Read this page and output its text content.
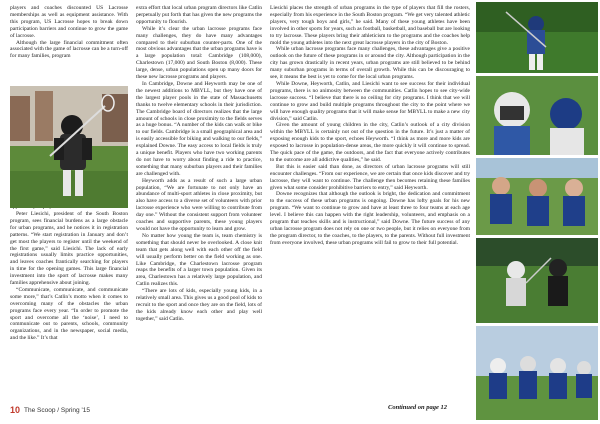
players and coaches discounted US Lacrosse memberships as well as equipment assistance. With this program, US Lacrosse hopes to break down participation barriers and continue to grow the game of lacrosse.

Although the large financial commitment often associated with the game of lacrosse can be a turn-off for many families, program

Peter Liesichi, president of the South Boston program, sees financial burdens as a large obstacle for urban programs, and he notices it in registration patterns. “We start registration in January and don’t get most the players to register until the weekend of the first game,” said Liesichi. The lack of early registrations usually limits practice opportunities, and leaves coaches frantically searching for players in time for the opening games. This large financial investment into the sport of lacrosse makes many families apprehensive about joining.

“Communicate, communicate, and communicate some more,” that’s Catlin’s motto when it comes to overcoming many of the obstacles the urban programs face every year. “In order to promote the sport and overcome all the ‘noise’, I need to communicate out to parents, schools, community organizations, and in the newspaper, social media, and the like.” It’s that

extra effort that local urban program directors like Catlin perpetually put forth that has given the new programs the opportunity to flourish.

While it’s clear the urban lacrosse programs face many challenges, they do have many advantages compared to their suburban counter-parts. One of the most obvious advantages that the urban programs have is a large population total: Cambridge (108,000), Charlestown (17,000) and South Boston (8,000). These large, dense, urban populations open up many doors for these new lacrosse programs and players.

In Cambridge, Downe and Heyworth may be one of the newest additions to MBYLL, but they have one of the largest player pools in the state of Massachusetts thanks to twelve elementary schools in their jurisdiction. The Cambridge board of directors realizes that the large amount of schools in close proximity to the fields serves as a huge bonus. “A number of the kids can walk or bike to our fields. Cambridge is a small geographical area and is easily accessible for biking and walking to our fields,” explained Downe. The easy access to local fields is truly a unique benefit. Players who have two working parents do not have to worry about finding a ride to practice, something that many suburban players and their families are challenged with.

Heyworth adds as a result of such a large urban population, “We are fortunate to not only have an abundance of multi-sport athletes in close proximity, but also have access to a diverse set of volunteers with prior lacrosse experience who were willing to contribute from day one.” Without the consistent support from volunteer coaches and supportive parents, these young players would not have the opportunity to learn and grow.

No matter how young the team is, team chemistry is something that should never be overlooked. A close knit team that gets along well with each other off the field will usually perform better on the field working as one. Like Cambridge, the Charlestown lacrosse program reaps the benefits of a larger town population. Given its area, Charlestown has a relatively large population, and Catlin realizes this.

“There are lots of kids, especially young kids, in a relatively small area. This gives us a good pool of kids to recruit to the sport and once they are on the field, lots of the kids already know each other and play well together,” said Catlin.

Liesichi places the strength of urban programs in the type of players that fill the rosters, especially from his experience in the South Boston program. “We get very talented athletic players, very tough boys and girls,” he said. Many of these young athletes have been involved in other sports for years, such as football, basketball, and baseball but are looking to try lacrosse. These players bring their athleticism to the programs and the coaches help mold the young athletes into the next great lacrosse players in the city of Boston.

While urban lacrosse programs face many challenges, these advantages give a positive outlook on the future of these programs in or around the city. Although participation in the city has grown drastically in recent years, urban programs are still believed to be behind many suburban programs in terms of overall growth. While this can be discouraging to see, it means the best is yet to come for the local urban programs.

While Downe, Heyworth, Catlin, and Liesichi want to see success for their individual programs, there is no animosity between the communities. Catlin hopes to see city-wide lacrosse success. “I believe that there is no ceiling for city programs. I think that we will continue to grow and build multiple programs throughout the city to the point where we will have enough quality programs that it will make sense for MBYLL to make a new city division,” said Catlin.

Given the amount of young children in the city, Catlin’s outlook of a city division within the MBYLL is certainly not out of the question in the future. It’s just a matter of exposing enough kids to the sport, echoes Heyworth. “I think as more and more kids are exposed to lacrosse in population-dense areas, the more quickly it will continue to spread. The quick pace of the game, the outdoors, and the fact that everyone actively contributes to the outcome are all addictive qualities,” he said.

But this is easier said than done, as directors of urban lacrosse programs will still encounter challenges. “From our experience, we are certain that once kids discover and try lacrosse, they will want to continue. The challenge then becomes retaining these families given what some consider prohibitive barriers to entry,” said Heyworth.

Downe recognizes that although the outlook is bright, the dedication and commitment to the success of these urban programs is ongoing. Downe has lofty goals for his new program. “We want to continue to grow and have at least three to four teams at each age level. I believe this can happen with the right leadership, volunteers, and emphasis on a program that teaches skills and is instructional,” said Downe. The future success of any urban lacrosse program does not rely on one or two people, but it relies on everyone from the program director, to the coaches, to the players, to the parents. Without full investment from everyone involved, these urban programs will fail to grow to their full potential.

10 The Scoop / Spring '15	Continued on page 12
